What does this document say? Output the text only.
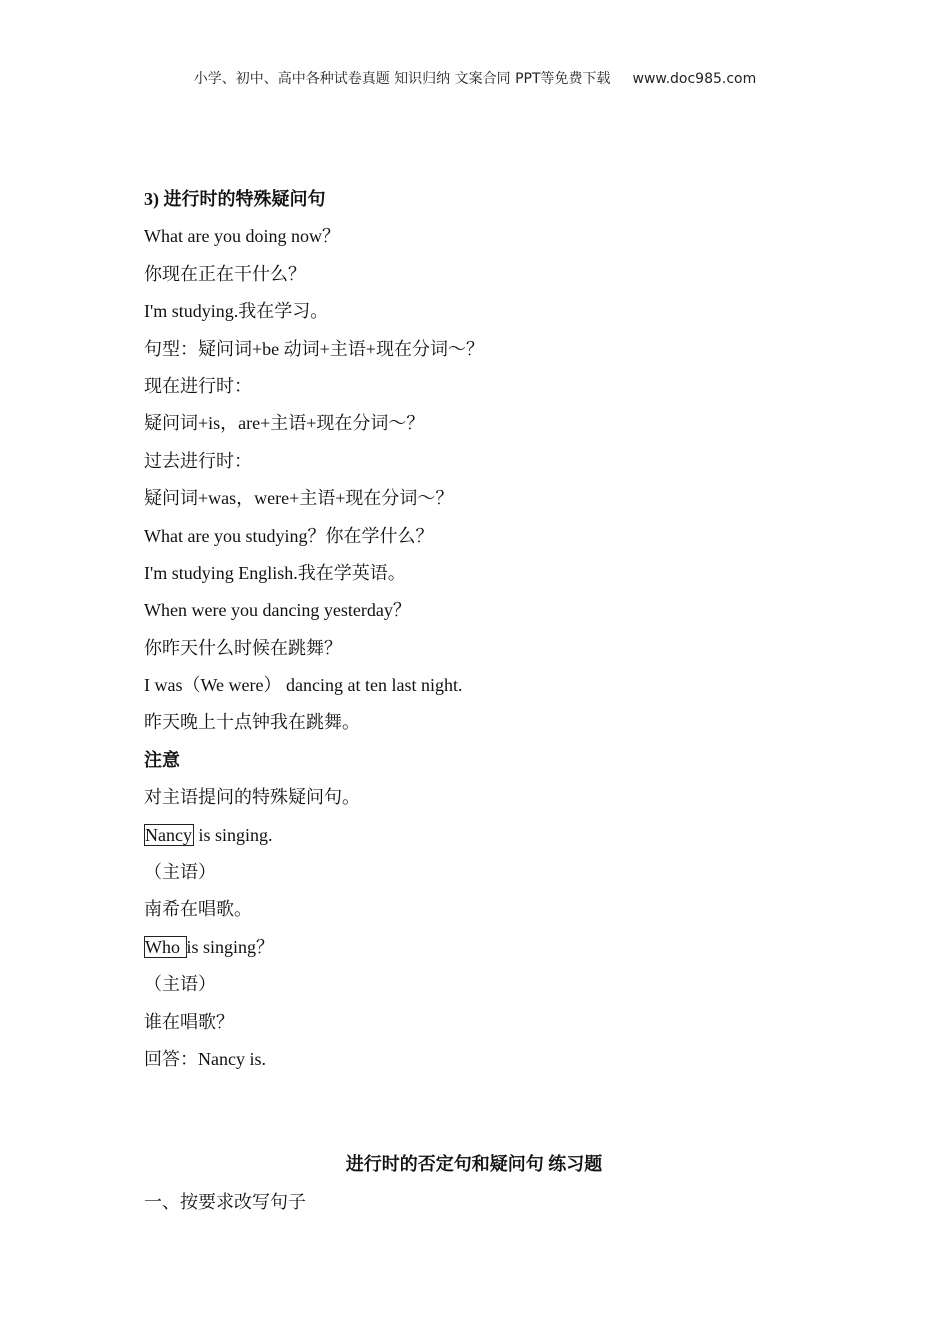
小学、初中、高中各种试卷真题 知识归纳 文案合同 PPT等免费下载 www.doc985.com
3) 进行时的特殊疑问句
What are you doing now？
你现在正在干什么？
I'm studying.我在学习。
句型：疑问词+be 动词+主语+现在分词～？
现在进行时：
疑问词+is，are+主语+现在分词～？
过去进行时：
疑问词+was，were+主语+现在分词～？
What are you studying？你在学什么？
I'm studying English.我在学英语。
When were you dancing yesterday？
你昨天什么时候在跳舞？
I was（We were） dancing at ten last night.
昨天晚上十点钟我在跳舞。
注意
对主语提问的特殊疑问句。
Nancy is singing.
（主语）
南希在唱歌。
Who is singing？
（主语）
谁在唱歌？
回答：Nancy is.
进行时的否定句和疑问句 练习题
一、按要求改写句子
